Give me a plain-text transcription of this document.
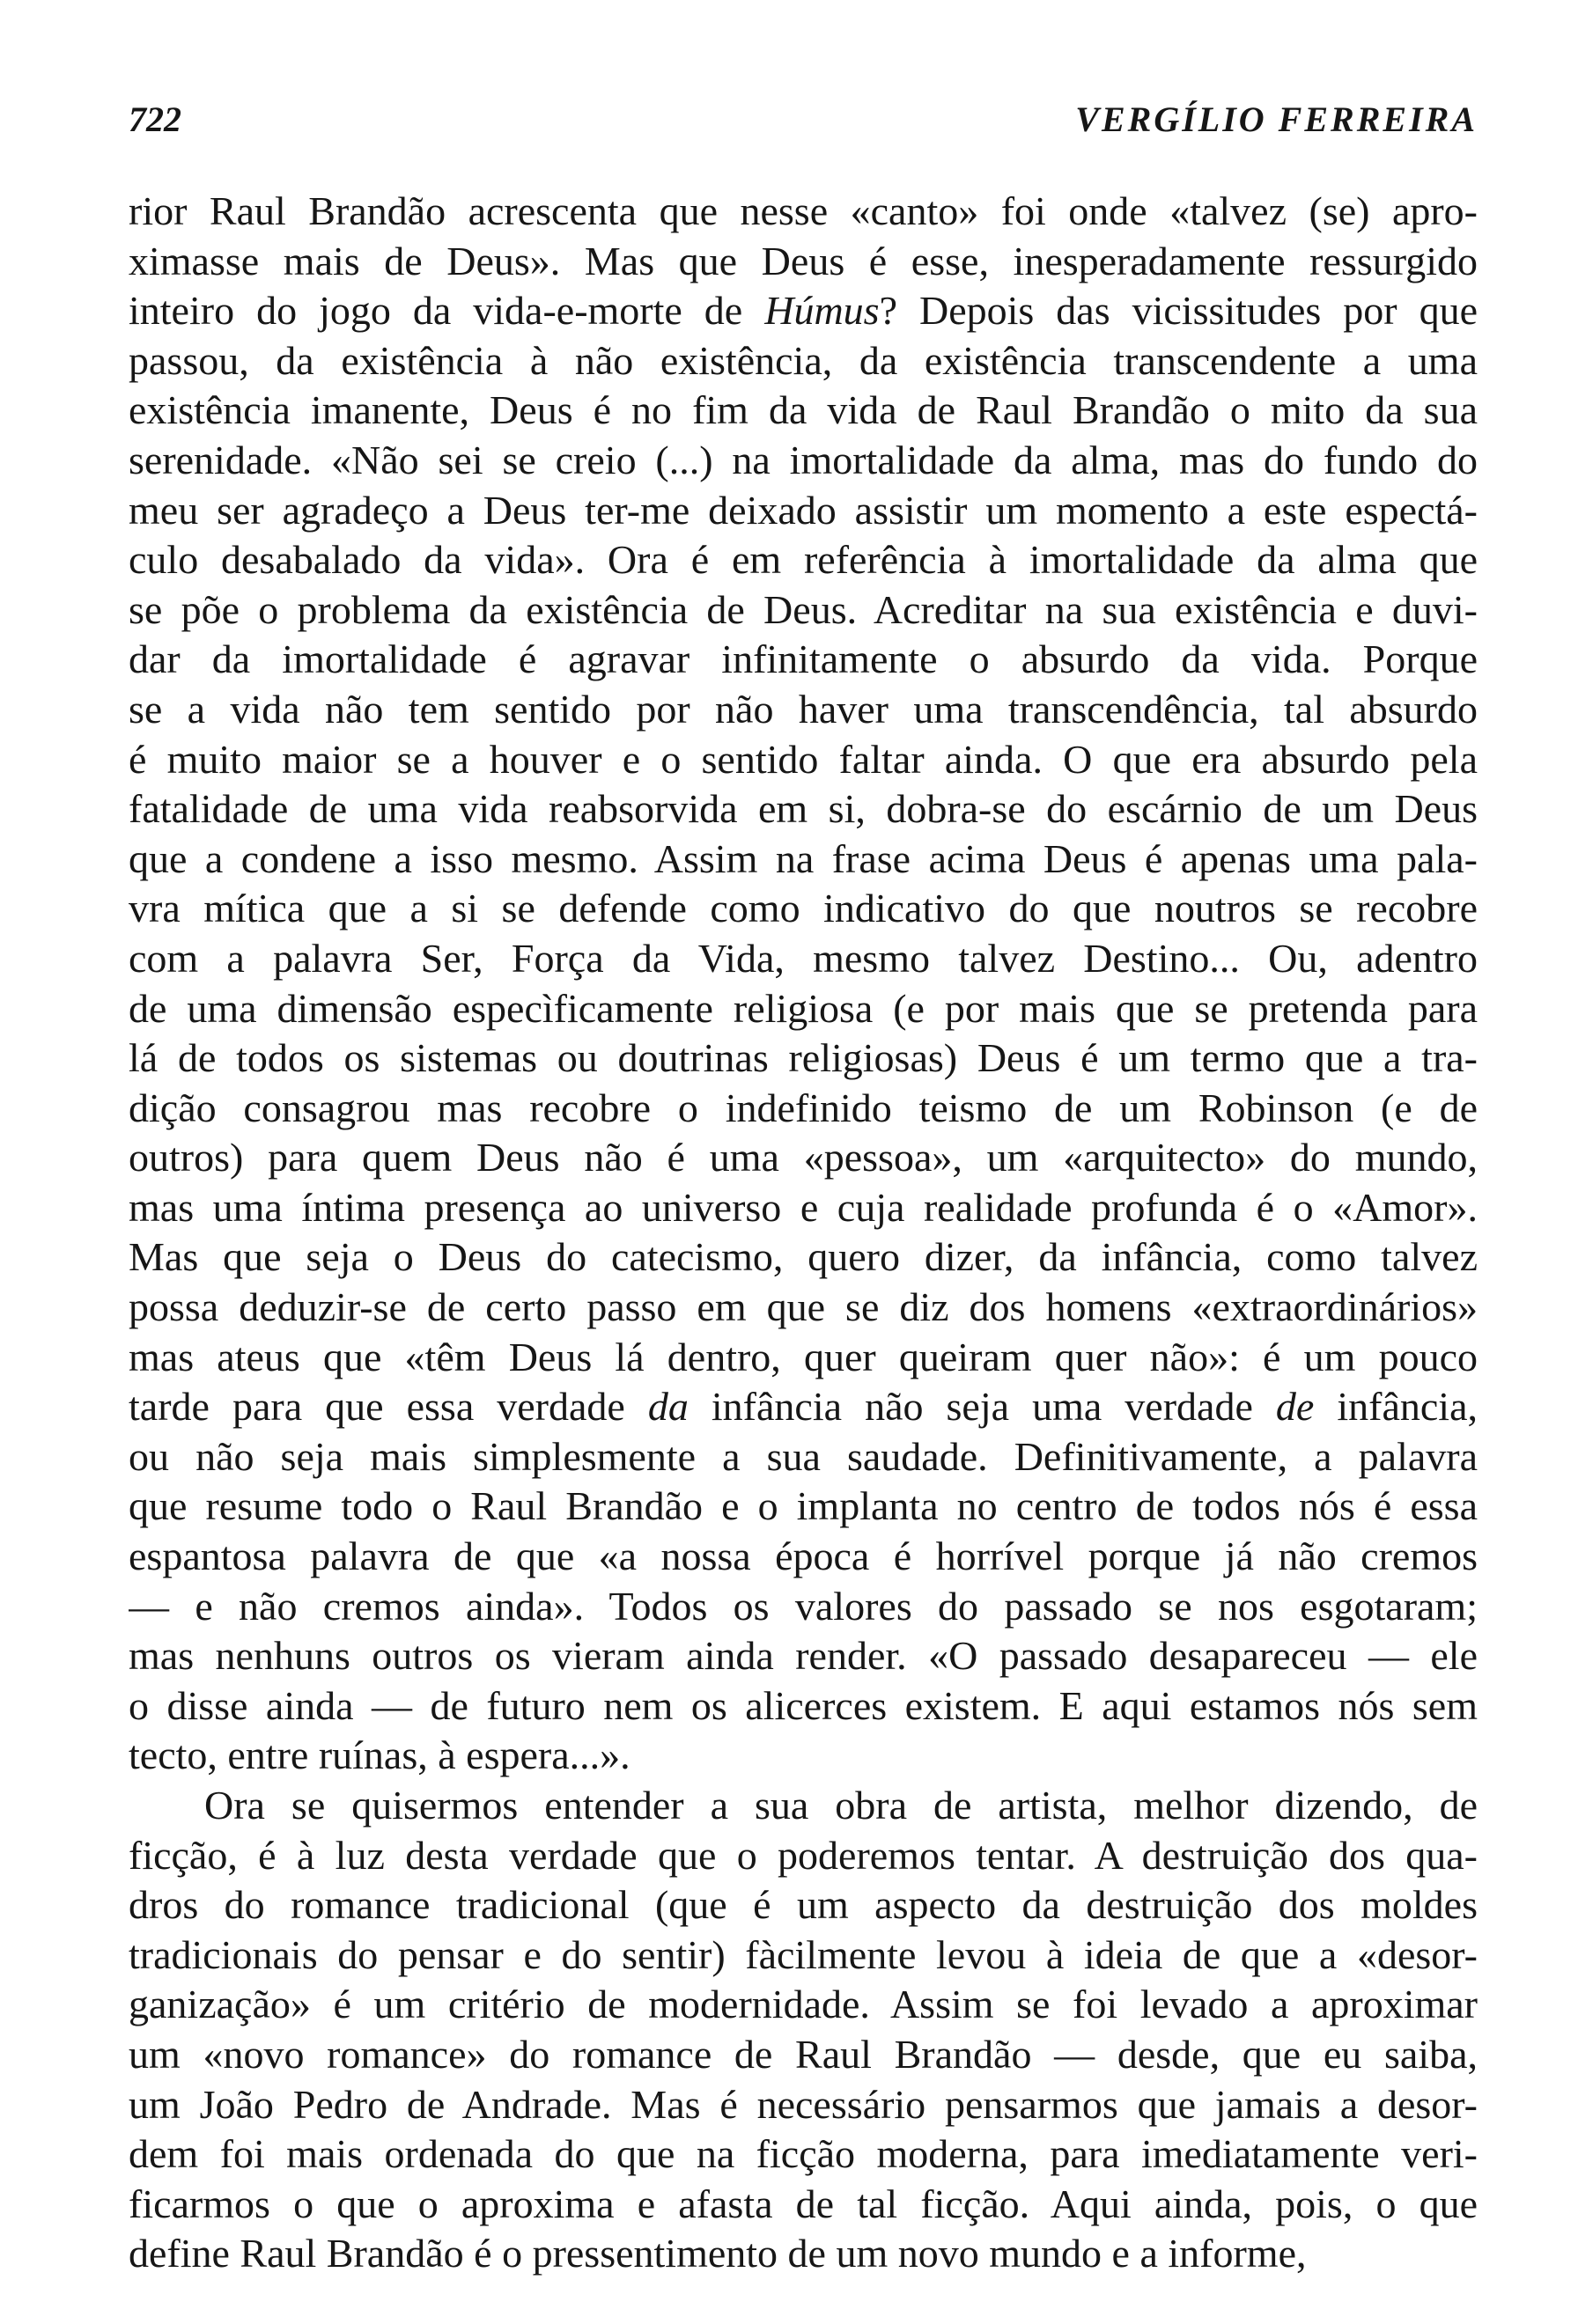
722	VERGÍLIO FERREIRA
rior Raul Brandão acrescenta que nesse «canto» foi onde «talvez (se) apro-
ximasse mais de Deus». Mas que Deus é esse, inesperadamente ressurgido
inteiro do jogo da vida-e-morte de Húmus? Depois das vicissitudes por que
passou, da existência à não existência, da existência transcendente a uma
existência imanente, Deus é no fim da vida de Raul Brandão o mito da sua
serenidade. «Não sei se creio (...) na imortalidade da alma, mas do fundo do
meu ser agradeço a Deus ter-me deixado assistir um momento a este espectá-
culo desabalado da vida». Ora é em referência à imortalidade da alma que
se põe o problema da existência de Deus. Acreditar na sua existência e duvi-
dar da imortalidade é agravar infinitamente o absurdo da vida. Porque
se a vida não tem sentido por não haver uma transcendência, tal absurdo
é muito maior se a houver e o sentido faltar ainda. O que era absurdo pela
fatalidade de uma vida reabsorvida em si, dobra-se do escárnio de um Deus
que a condene a isso mesmo. Assim na frase acima Deus é apenas uma pala-
vra mítica que a si se defende como indicativo do que noutros se recobre
com a palavra Ser, Força da Vida, mesmo talvez Destino... Ou, adentro
de uma dimensão especìficamente religiosa (e por mais que se pretenda para
lá de todos os sistemas ou doutrinas religiosas) Deus é um termo que a tra-
dição consagrou mas recobre o indefinido teismo de um Robinson (e de
outros) para quem Deus não é uma «pessoa», um «arquitecto» do mundo,
mas uma íntima presença ao universo e cuja realidade profunda é o «Amor».
Mas que seja o Deus do catecismo, quero dizer, da infância, como talvez
possa deduzir-se de certo passo em que se diz dos homens «extraordinários»
mas ateus que «têm Deus lá dentro, quer queiram quer não»: é um pouco
tarde para que essa verdade da infância não seja uma verdade de infância,
ou não seja mais simplesmente a sua saudade. Definitivamente, a palavra
que resume todo o Raul Brandão e o implanta no centro de todos nós é essa
espantosa palavra de que «a nossa época é horrível porque já não cremos
— e não cremos ainda». Todos os valores do passado se nos esgotaram;
mas nenhuns outros os vieram ainda render. «O passado desapareceu — ele
o disse ainda — de futuro nem os alicerces existem. E aqui estamos nós sem
tecto, entre ruínas, à espera...».
Ora se quisermos entender a sua obra de artista, melhor dizendo, de
ficção, é à luz desta verdade que o poderemos tentar. A destruição dos qua-
dros do romance tradicional (que é um aspecto da destruição dos moldes
tradicionais do pensar e do sentir) fàcilmente levou à ideia de que a «desor-
ganização» é um critério de modernidade. Assim se foi levado a aproximar
um «novo romance» do romance de Raul Brandão — desde, que eu saiba,
um João Pedro de Andrade. Mas é necessário pensarmos que jamais a desor-
dem foi mais ordenada do que na ficção moderna, para imediatamente veri-
ficarmos o que o aproxima e afasta de tal ficção. Aqui ainda, pois, o que
define Raul Brandão é o pressentimento de um novo mundo e a informe,
